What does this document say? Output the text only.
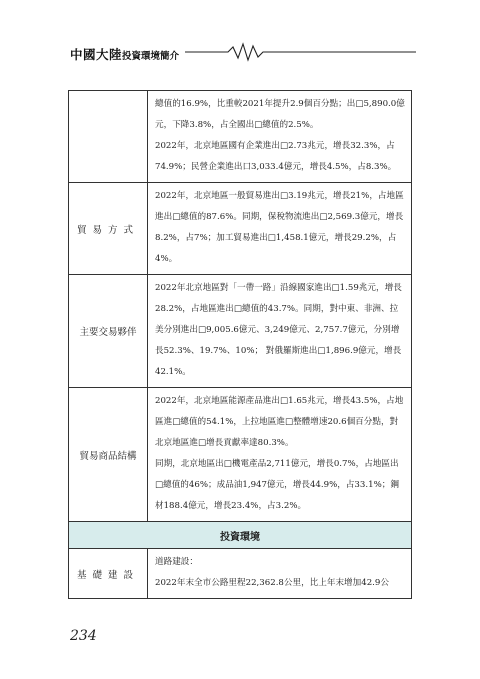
中國大陸投資環境簡介

	總值的16.9%，比重較2021年提升2.9個百分點；出□5,890.0億元，下降3.8%，占全國出□總值的2.5%。

2022年，北京地區國有企業進出□2.73兆元，增長32.3%，占74.9%；民營企業進出口3,033.4億元，增長4.5%，占8.3%。

貿易方式	2022年，北京地區一般貿易進出□3.19兆元，增長21%，占地區進出□總值的87.6%。同期，保稅物流進出□2,569.3億元，增長8.2%，占7%；加工貿易進出□1,458.1億元，增長29.2%，占4%。

主要交易夥伴	2022年北京地區對「一帶一路」沿線國家進出□1.59兆元，增長28.2%，占地區進出□總值的43.7%。同期，對中東、非洲、拉美分別進出□9,005.6億元、3,249億元、2,757.7億元，分別增長52.3%、19.7%、10%； 對俄羅斯進出□1,896.9億元，增長42.1%。

貿易商品結構	2022年，北京地區能源產品進出□1.65兆元，增長43.5%，占地區進□總值的54.1%，上拉地區進□整體增速20.6個百分點，對北京地區進□增長貢獻率達80.3%。

同期，北京地區出□機電產品2,711億元，增長0.7%，占地區出□總值的46%；成品油1,947億元，增長44.9%，占33.1%；鋼材188.4億元，增長23.4%，占3.2%。

投資環境	
基礎建設	道路建設：

2022年末全市公路里程22,362.8公里，比上年末增加42.9公

234
